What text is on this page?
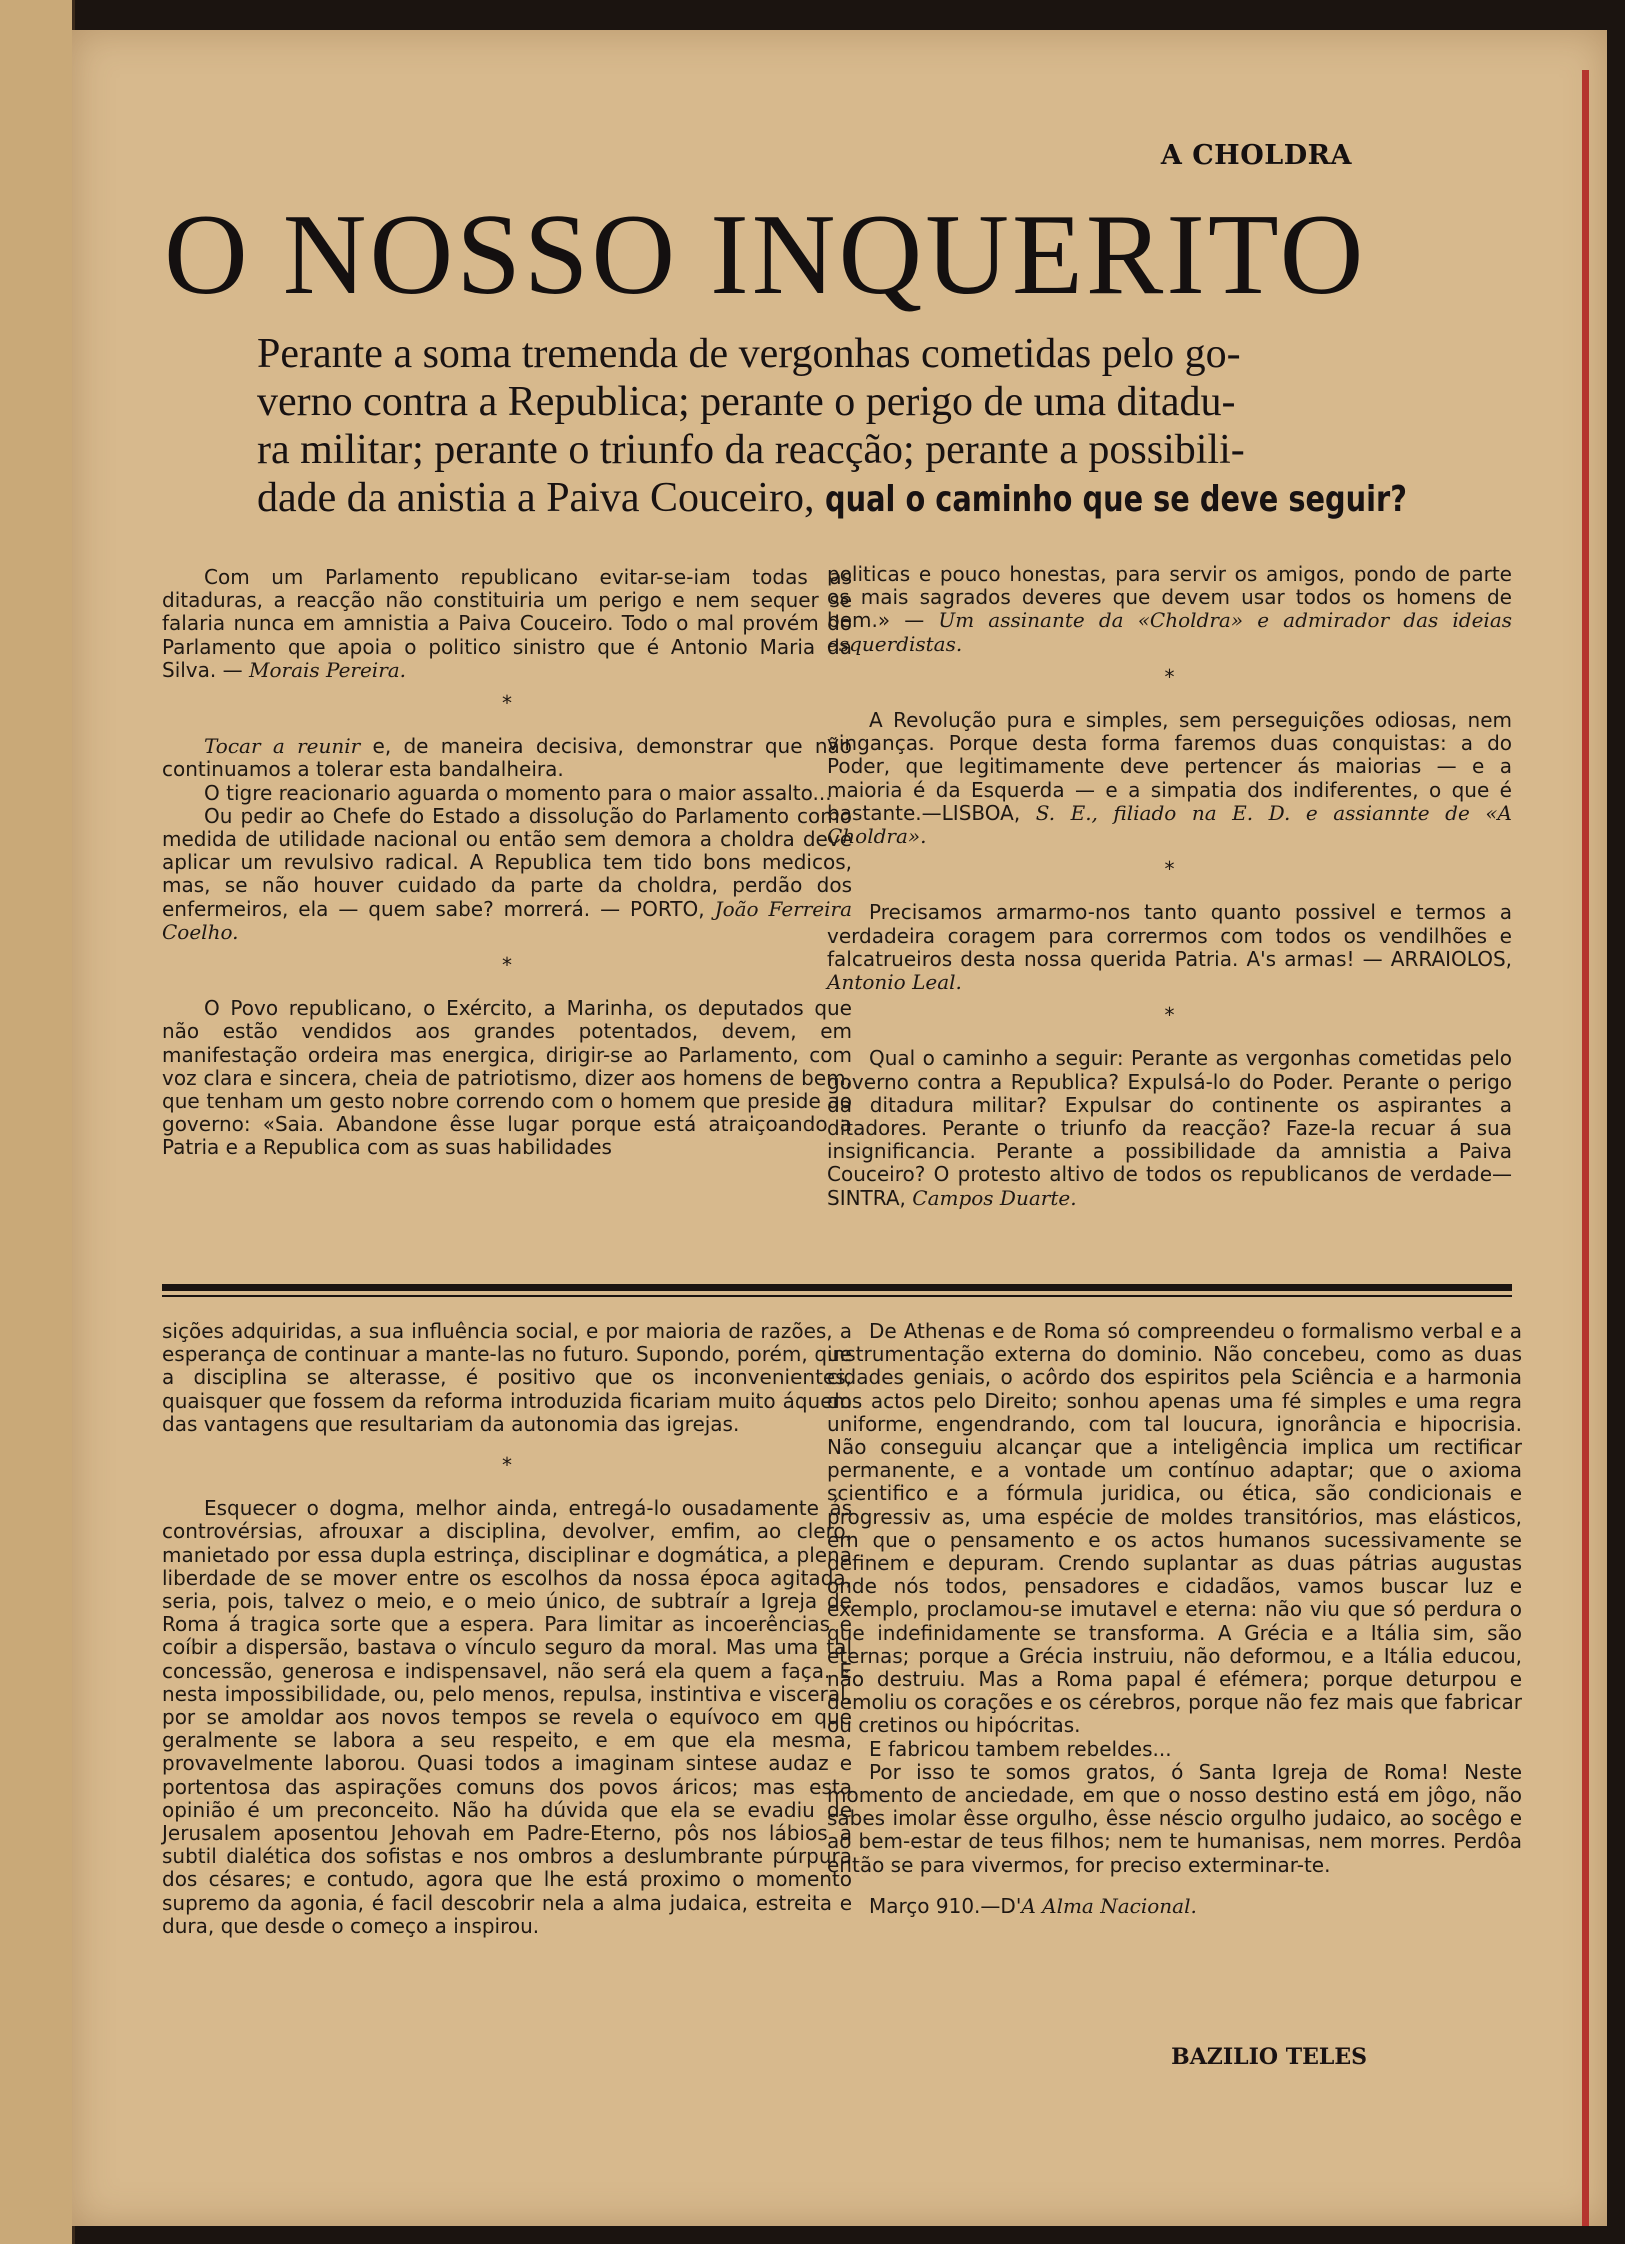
A CHOLDRA
O NOSSO INQUERITO
Perante a soma tremenda de vergonhas cometidas pelo go-
verno contra a Republica; perante o perigo de uma ditadu-
ra militar; perante o triunfo da reacção; perante a possibili-
dade da anistia a Paiva Couceiro, qual o caminho que se deve seguir?

Com um Parlamento republicano evitar-se-iam todas as ditaduras, a reacção não constituiria um perigo e nem sequer se falaria nunca em amnistia a Paiva Couceiro. Todo o mal provém do Parlamento que apoia o politico sinistro que é Antonio Maria da Silva. — Morais Pereira.

*

Tocar a reunir e, de maneira decisiva, demonstrar que não continuamos a tolerar esta bandalheira.

O tigre reacionario aguarda o momento para o maior assalto...

Ou pedir ao Chefe do Estado a dissolução do Parlamento como medida de utilidade nacional ou então sem demora a choldra deve aplicar um revulsivo radical. A Republica tem tido bons medicos, mas, se não houver cuidado da parte da choldra, perdão dos enfermeiros, ela — quem sabe? morrerá. — PORTO, João Ferreira Coelho.

*

O Povo republicano, o Exército, a Marinha, os deputados que não estão vendidos aos grandes potentados, devem, em manifestação ordeira mas energica, dirigir-se ao Parlamento, com voz clara e sincera, cheia de patriotismo, dizer aos homens de bem, que tenham um gesto nobre correndo com o homem que preside ao governo: «Saia. Abandone êsse lugar porque está atraiçoando a Patria e a Republica com as suas habilidades

politicas e pouco honestas, para servir os amigos, pondo de parte os mais sagrados deveres que devem usar todos os homens de bem.» — Um assinante da «Choldra» e admirador das ideias esquerdistas.

*

A Revolução pura e simples, sem perseguições odiosas, nem vinganças. Porque desta forma faremos duas conquistas: a do Poder, que legitimamente deve pertencer ás maiorias — e a maioria é da Esquerda — e a simpatia dos indiferentes, o que é bastante.—LISBOA, S. E., filiado na E. D. e assiannte de «A Choldra».

*

Precisamos armarmo-nos tanto quanto possivel e termos a verdadeira coragem para corrermos com todos os vendilhões e falcatrueiros desta nossa querida Patria. A's armas! — ARRAIOLOS, Antonio Leal.

*

Qual o caminho a seguir: Perante as vergonhas cometidas pelo governo contra a Republica? Expulsá-lo do Poder. Perante o perigo da ditadura militar? Expulsar do continente os aspirantes a ditadores. Perante o triunfo da reacção? Faze-la recuar á sua insignificancia. Perante a possibilidade da amnistia a Paiva Couceiro? O protesto altivo de todos os republicanos de verdade—SINTRA, Campos Duarte.

sições adquiridas, a sua influência social, e por maioria de razões, a esperança de continuar a mante-las no futuro. Supondo, porém, que a disciplina se alterasse, é positivo que os inconvenientes, quaisquer que fossem da reforma introduzida ficariam muito áquem das vantagens que resultariam da autonomia das igrejas.

*

Esquecer o dogma, melhor ainda, entregá-lo ousadamente ás controvérsias, afrouxar a disciplina, devolver, emfim, ao clero, manietado por essa dupla estrinça, disciplinar e dogmática, a plena liberdade de se mover entre os escolhos da nossa época agitada, seria, pois, talvez o meio, e o meio único, de subtraír a Igreja de Roma á tragica sorte que a espera. Para limitar as incoerências e coíbir a dispersão, bastava o vínculo seguro da moral. Mas uma tal concessão, generosa e indispensavel, não será ela quem a faça. E nesta impossibilidade, ou, pelo menos, repulsa, instintiva e visceral, por se amoldar aos novos tempos se revela o equívoco em que geralmente se labora a seu respeito, e em que ela mesma, provavelmente laborou. Quasi todos a imaginam sintese audaz e portentosa das aspirações comuns dos povos áricos; mas esta opinião é um preconceito. Não ha dúvida que ela se evadiu de Jerusalem aposentou Jehovah em Padre-Eterno, pôs nos lábios a subtil dialética dos sofistas e nos ombros a deslumbrante púrpura dos césares; e contudo, agora que lhe está proximo o momento supremo da agonia, é facil descobrir nela a alma judaica, estreita e dura, que desde o começo a inspirou.

De Athenas e de Roma só compreendeu o formalismo verbal e a instrumentação externa do dominio. Não concebeu, como as duas cidades geniais, o acôrdo dos espiritos pela Sciência e a harmonia dos actos pelo Direito; sonhou apenas uma fé simples e uma regra uniforme, engendrando, com tal loucura, ignorância e hipocrisia. Não conseguiu alcançar que a inteligência implica um rectificar permanente, e a vontade um contínuo adaptar; que o axioma scientifico e a fórmula juridica, ou ética, são condicionais e progressiv as, uma espécie de moldes transitórios, mas elásticos, em que o pensamento e os actos humanos sucessivamente se definem e depuram. Crendo suplantar as duas pátrias augustas onde nós todos, pensadores e cidadãos, vamos buscar luz e exemplo, proclamou-se imutavel e eterna: não viu que só perdura o que indefinidamente se transforma. A Grécia e a Itália sim, são eternas; porque a Grécia instruiu, não deformou, e a Itália educou, não destruiu. Mas a Roma papal é efémera; porque deturpou e demoliu os corações e os cérebros, porque não fez mais que fabricar ou cretinos ou hipócritas.

E fabricou tambem rebeldes...

Por isso te somos gratos, ó Santa Igreja de Roma! Neste momento de anciedade, em que o nosso destino está em jôgo, não sabes imolar êsse orgulho, êsse néscio orgulho judaico, ao socêgo e ao bem-estar de teus filhos; nem te humanisas, nem morres. Perdôa então se para vivermos, for preciso exterminar-te.

Março 910.—D'A Alma Nacional.

BAZILIO TELES
